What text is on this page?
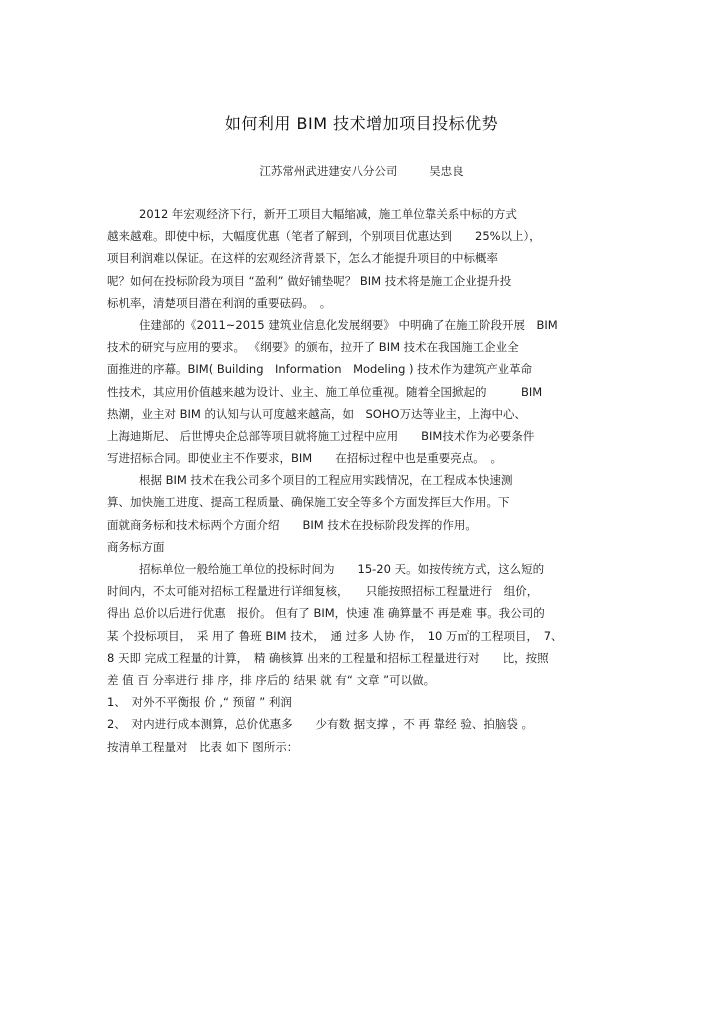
如何利用 BIM 技术增加项目投标优势
江苏常州武进建安八分公司	吴忠良
2012 年宏观经济下行，新开工项目大幅缩减，施工单位靠关系中标的方式
越来越难。即使中标，大幅度优惠（笔者了解到，个别项目优惠达到　　25%以上），
项目利润难以保证。在这样的宏观经济背景下，怎么才能提升项目的中标概率
呢？如何在投标阶段为项目 “盈利” 做好铺垫呢？ BIM 技术将是施工企业提升投
标机率，清楚项目潜在利润的重要砝码。　。
住建部的《2011~2015 建筑业信息化发展纲要》 中明确了在施工阶段开展　BIM
技术的研究与应用的要求。 《纲要》的颁布，拉开了 BIM 技术在我国施工企业全
面推进的序幕。BIM( Building　Information　Modeling ) 技术作为建筑产业革命
性技术，其应用价值越来越为设计、业主、施工单位重视。随着全国掀起的　　　BIM
热潮，业主对 BIM 的认知与认可度越来越高，如　SOHO万达等业主，上海中心、
上海迪斯尼、 后世博央企总部等项目就将施工过程中应用　　BIM技术作为必要条件
写进招标合同。即使业主不作要求，BIM　　在招标过程中也是重要亮点。　。
根据 BIM 技术在我公司多个项目的工程应用实践情况，在工程成本快速测
算、加快施工进度、提高工程质量、确保施工安全等多个方面发挥巨大作用。下
面就商务标和技术标两个方面介绍　　BIM 技术在投标阶段发挥的作用。
商务标方面
招标单位一般给施工单位的投标时间为　　15-20 天。如按传统方式，这么短的
时间内，不太可能对招标工程量进行详细复核，　　只能按照招标工程量进行　组价，
得出 总价以后进行优惠　报价。 但有了 BIM，快速 准 确算量不 再是难 事。我公司的
某 个投标项目，　采 用了 鲁班 BIM 技术，　通 过多 人协 作，　10 万㎡的工程项目，　7、
8 天即 完成工程量的计算，　精 确核算 出来的工程量和招标工程量进行对　　比，按照
差 值 百 分率进行 排 序，排 序后的 结果 就 有“ 文章 ”可以做。
1、　对外不平衡报 价 ,“ 预留 ” 利润
2、　对内进行成本测算，总价优惠多　　少有数 据支撑 ，不 再 靠经 验、拍脑袋 。
按清单工程量对　比表 如下 图所示：
